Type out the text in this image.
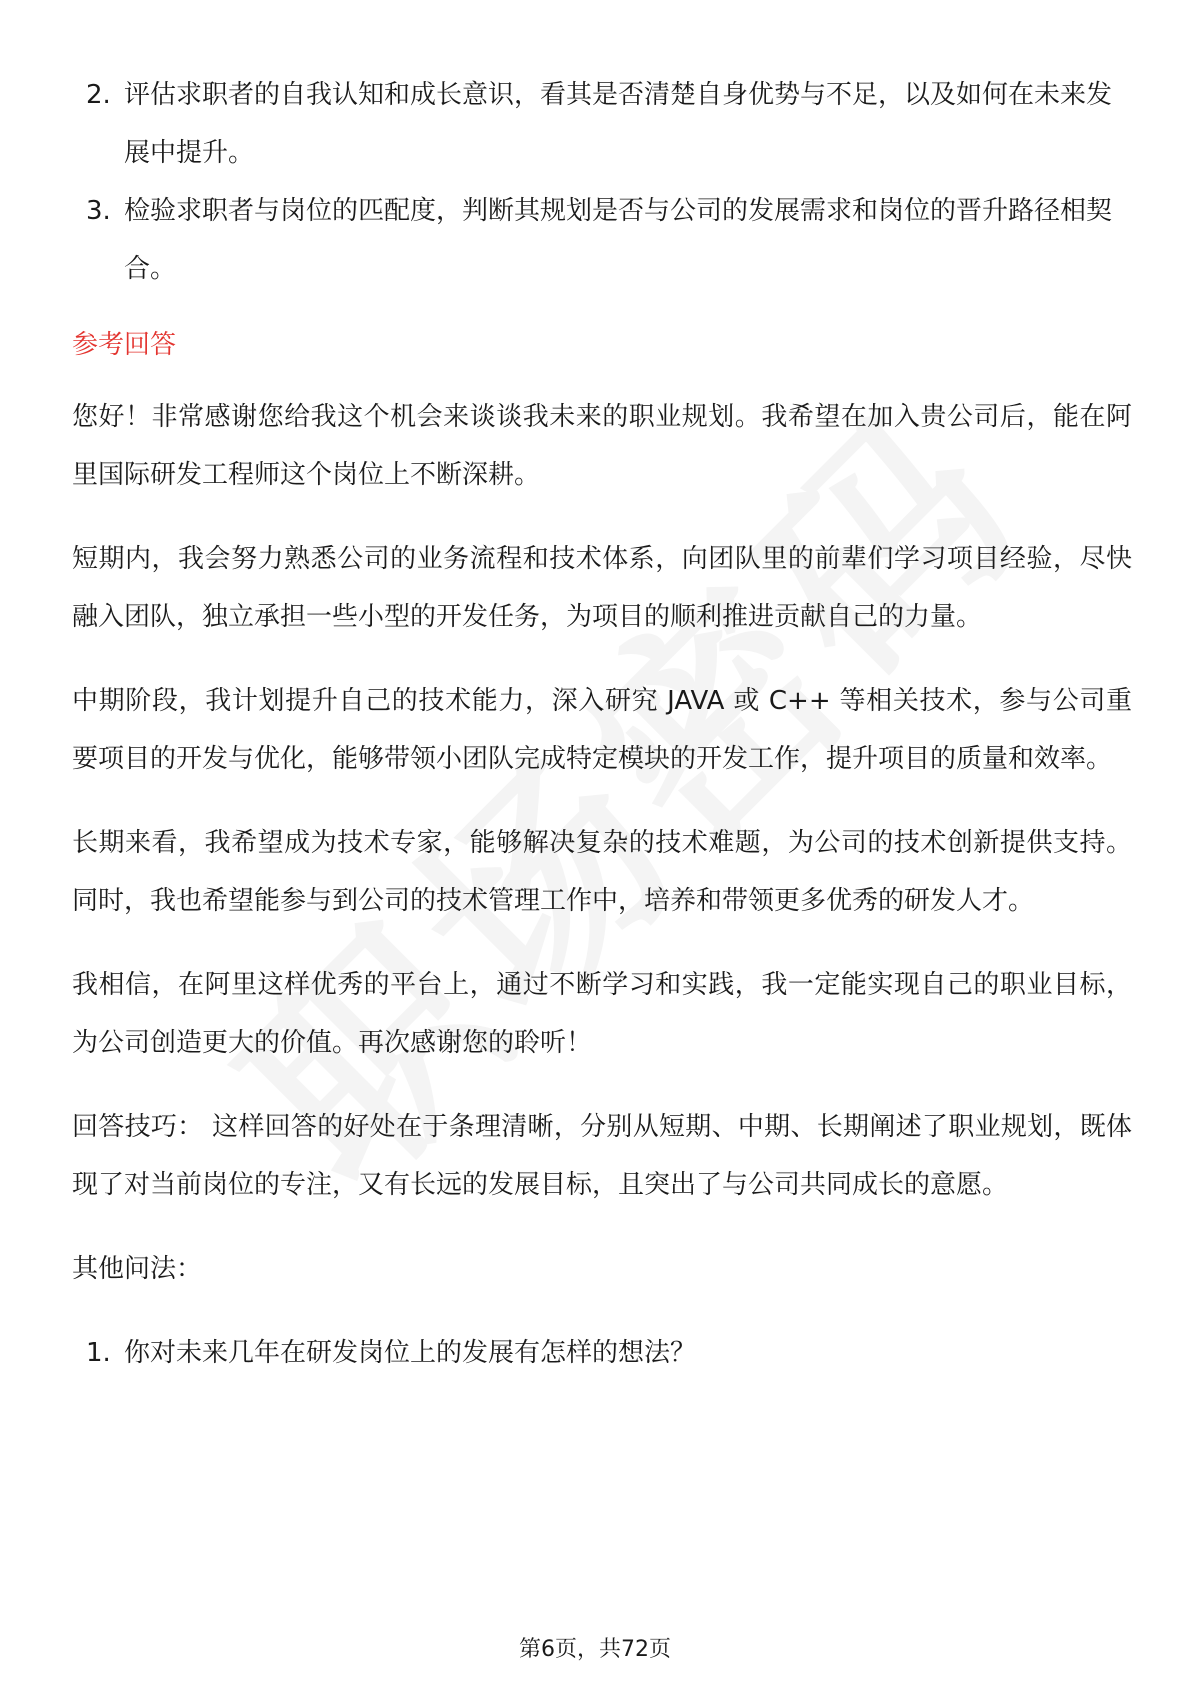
2. 评估求职者的自我认知和成长意识，看其是否清楚自身优势与不足，以及如何在未来发展中提升。
3. 检验求职者与岗位的匹配度，判断其规划是否与公司的发展需求和岗位的晋升路径相契合。
参考回答

您好！非常感谢您给我这个机会来谈谈我未来的职业规划。我希望在加入贵公司后，能在阿里国际研发工程师这个岗位上不断深耕。

短期内，我会努力熟悉公司的业务流程和技术体系，向团队里的前辈们学习项目经验，尽快融入团队，独立承担一些小型的开发任务，为项目的顺利推进贡献自己的力量。

中期阶段，我计划提升自己的技术能力，深入研究 JAVA 或 C++ 等相关技术，参与公司重要项目的开发与优化，能够带领小团队完成特定模块的开发工作，提升项目的质量和效率。

长期来看，我希望成为技术专家，能够解决复杂的技术难题，为公司的技术创新提供支持。同时，我也希望能参与到公司的技术管理工作中，培养和带领更多优秀的研发人才。

我相信，在阿里这样优秀的平台上，通过不断学习和实践，我一定能实现自己的职业目标，为公司创造更大的价值。再次感谢您的聆听！

回答技巧： 这样回答的好处在于条理清晰，分别从短期、中期、长期阐述了职业规划，既体现了对当前岗位的专注，又有长远的发展目标，且突出了与公司共同成长的意愿。

其他问法：
1. 你对未来几年在研发岗位上的发展有怎样的想法？
第6页，共72页
